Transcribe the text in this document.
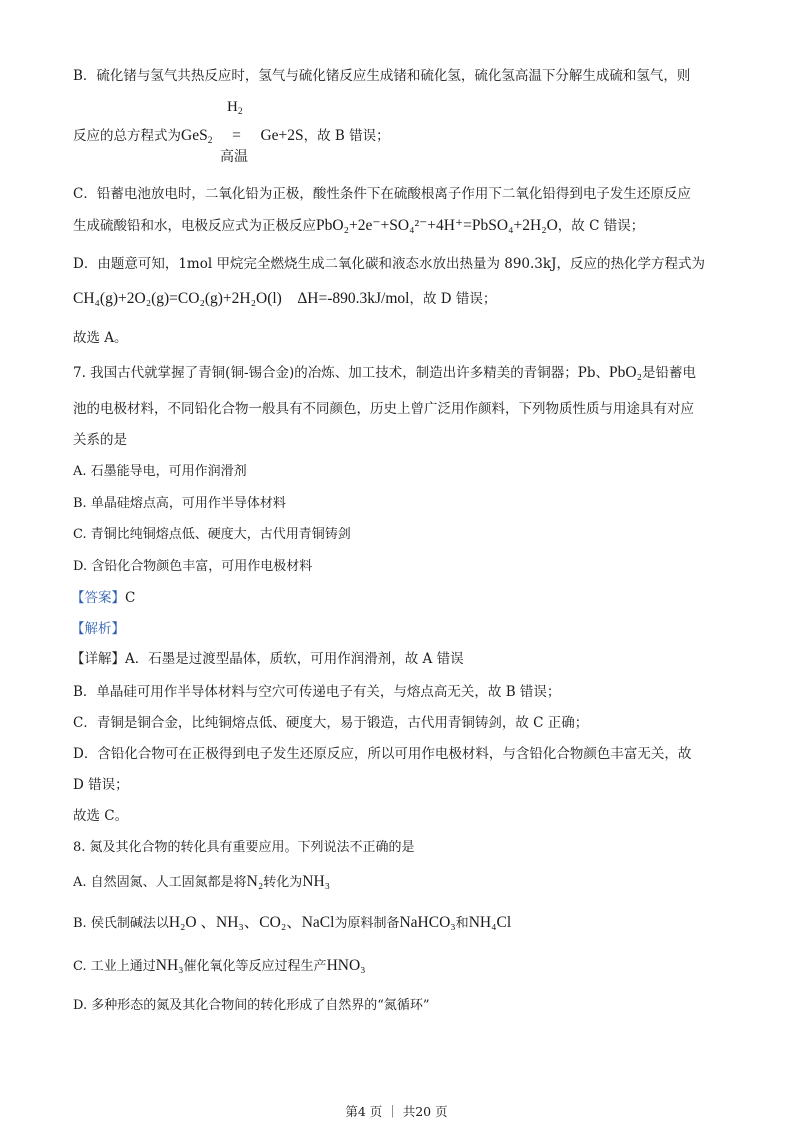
B．硫化锗与氢气共热反应时，氢气与硫化锗反应生成锗和硫化氢，硫化氢高温下分解生成硫和氢气，则
$H_2$
反应的总方程式为GeS$_2$ = Ge+2S，故 B 错误；
高温
C．铅蓄电池放电时，二氧化铅为正极，酸性条件下在硫酸根离子作用下二氧化铅得到电子发生还原反应
生成硫酸铅和水，电极反应式为正极反应PbO₂+2e⁻+SO₄²⁻+4H⁺=PbSO₄+2H₂O，故 C 错误；
D．由题意可知，1mol 甲烷完全燃烧生成二氧化碳和液态水放出热量为 890.3kJ，反应的热化学方程式为
CH₄(g)+2O₂(g)=CO₂(g)+2H₂O(l)    ΔH=-890.3kJ/mol，故 D 错误；
故选 A。
7. 我国古代就掌握了青铜(铜-锡合金)的冶炼、加工技术，制造出许多精美的青铜器；Pb、PbO₂是铅蓄电
池的电极材料，不同铅化合物一般具有不同颜色，历史上曾广泛用作颜料，下列物质性质与用途具有对应
关系的是
A. 石墨能导电，可用作润滑剂
B. 单晶硅熔点高，可用作半导体材料
C. 青铜比纯铜熔点低、硬度大，古代用青铜铸剑
D. 含铅化合物颜色丰富，可用作电极材料
【答案】C
【解析】
【详解】A．石墨是过渡型晶体，质软，可用作润滑剂，故 A 错误
B．单晶硅可用作半导体材料与空穴可传递电子有关，与熔点高无关，故 B 错误；
C．青铜是铜合金，比纯铜熔点低、硬度大，易于锻造，古代用青铜铸剑，故 C 正确；
D．含铅化合物可在正极得到电子发生还原反应，所以可用作电极材料，与含铅化合物颜色丰富无关，故
D 错误；
故选 C。
8. 氮及其化合物的转化具有重要应用。下列说法不正确的是
A. 自然固氮、人工固氮都是将N₂转化为NH₃
B. 侯氏制碱法以H₂O 、NH₃、CO₂、NaCl为原料制备NaHCO₃和NH₄Cl
C. 工业上通过NH₃催化氧化等反应过程生产HNO₃
D. 多种形态的氮及其化合物间的转化形成了自然界的“氮循环”
第4 页 ｜ 共20 页
